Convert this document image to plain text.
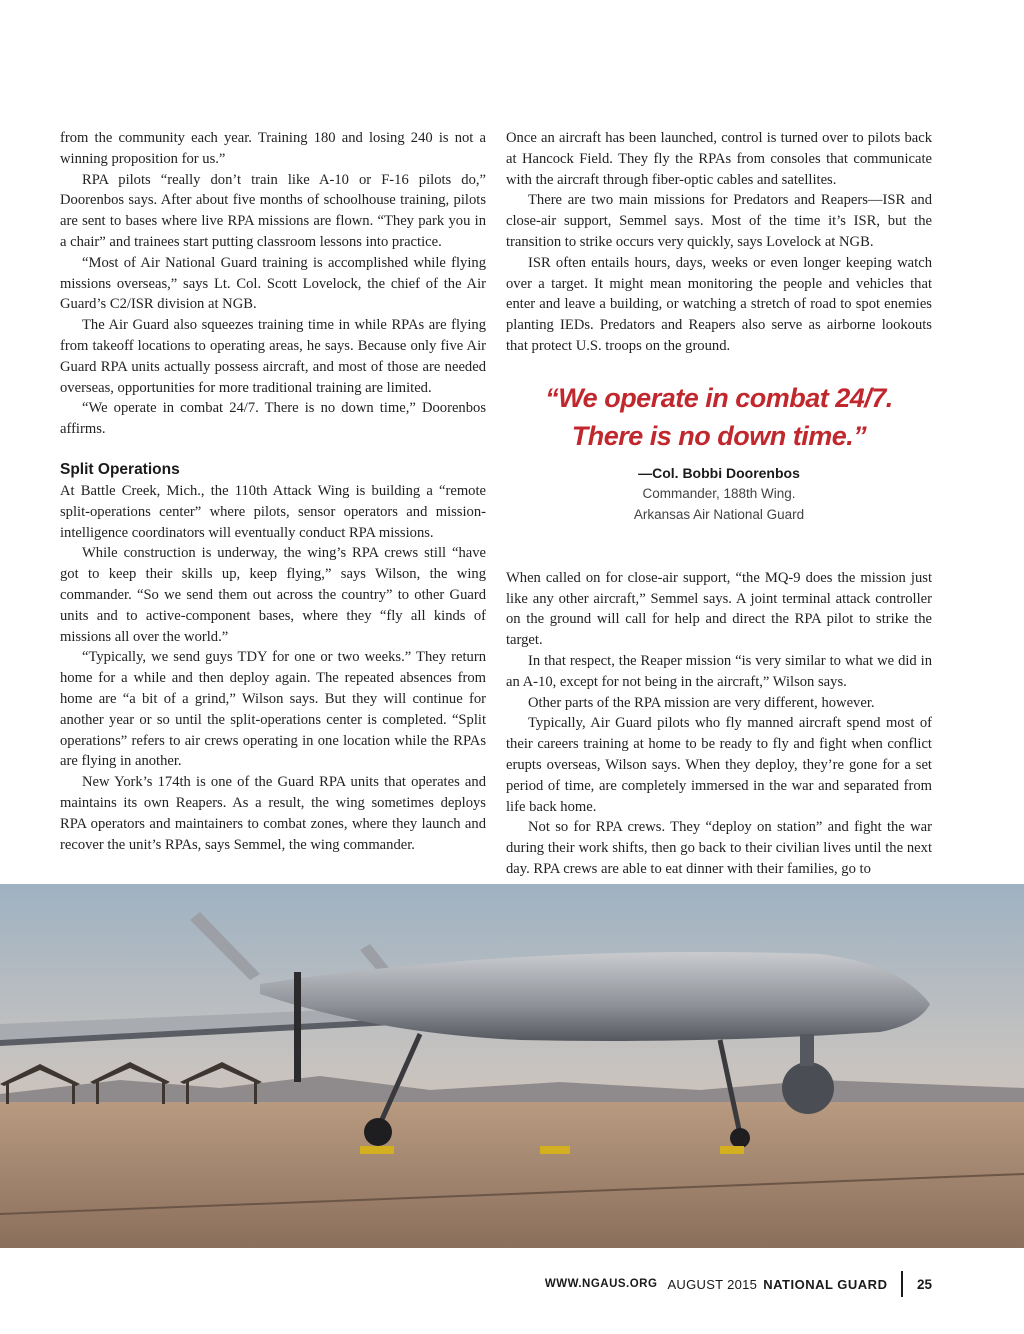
from the community each year. Training 180 and losing 240 is not a winning proposition for us.”

RPA pilots “really don’t train like A-10 or F-16 pilots do,” Doorenbos says. After about five months of schoolhouse training, pilots are sent to bases where live RPA missions are flown. “They park you in a chair” and trainees start putting classroom lessons into practice.

“Most of Air National Guard training is accomplished while flying missions overseas,” says Lt. Col. Scott Lovelock, the chief of the Air Guard’s C2/ISR division at NGB.

The Air Guard also squeezes training time in while RPAs are flying from takeoff locations to operating areas, he says. Because only five Air Guard RPA units actually possess aircraft, and most of those are needed overseas, opportunities for more traditional training are limited.

“We operate in combat 24/7. There is no down time,” Doorenbos affirms.

Split Operations

At Battle Creek, Mich., the 110th Attack Wing is building a “remote split-operations center” where pilots, sensor operators and mission-intelligence coordinators will eventually conduct RPA missions.

While construction is underway, the wing’s RPA crews still “have got to keep their skills up, keep flying,” says Wilson, the wing commander. “So we send them out across the country” to other Guard units and to active-component bases, where they “fly all kinds of missions all over the world.”

“Typically, we send guys TDY for one or two weeks.” They return home for a while and then deploy again. The repeated absences from home are “a bit of a grind,” Wilson says. But they will continue for another year or so until the split-operations center is completed. “Split operations” refers to air crews operating in one location while the RPAs are flying in another.

New York’s 174th is one of the Guard RPA units that operates and maintains its own Reapers. As a result, the wing sometimes deploys RPA operators and maintainers to combat zones, where they launch and recover the unit’s RPAs, says Semmel, the wing commander.

Once an aircraft has been launched, control is turned over to pilots back at Hancock Field. They fly the RPAs from consoles that communicate with the aircraft through fiber-optic cables and satellites.

There are two main missions for Predators and Reapers—ISR and close-air support, Semmel says. Most of the time it’s ISR, but the transition to strike occurs very quickly, says Lovelock at NGB.

ISR often entails hours, days, weeks or even longer keeping watch over a target. It might mean monitoring the people and vehicles that enter and leave a building, or watching a stretch of road to spot enemies planting IEDs. Predators and Reapers also serve as airborne lookouts that protect U.S. troops on the ground.

“We operate in combat 24/7.
There is no down time.”
—Col. Bobbi Doorenbos
Commander, 188th Wing.
Arkansas Air National Guard

When called on for close-air support, “the MQ-9 does the mission just like any other aircraft,” Semmel says. A joint terminal attack controller on the ground will call for help and direct the RPA pilot to strike the target.

In that respect, the Reaper mission “is very similar to what we did in an A-10, except for not being in the aircraft,” Wilson says.

Other parts of the RPA mission are very different, however.

Typically, Air Guard pilots who fly manned aircraft spend most of their careers training at home to be ready to fly and fight when conflict erupts overseas, Wilson says. When they deploy, they’re gone for a set period of time, are completely immersed in the war and separated from life back home.

Not so for RPA crews. They “deploy on station” and fight the war during their work shifts, then go back to their civilian lives until the next day. RPA crews are able to eat dinner with their families, go to

WWW.NGAUS.ORG AUGUST 2015 NATIONAL GUARD 25
